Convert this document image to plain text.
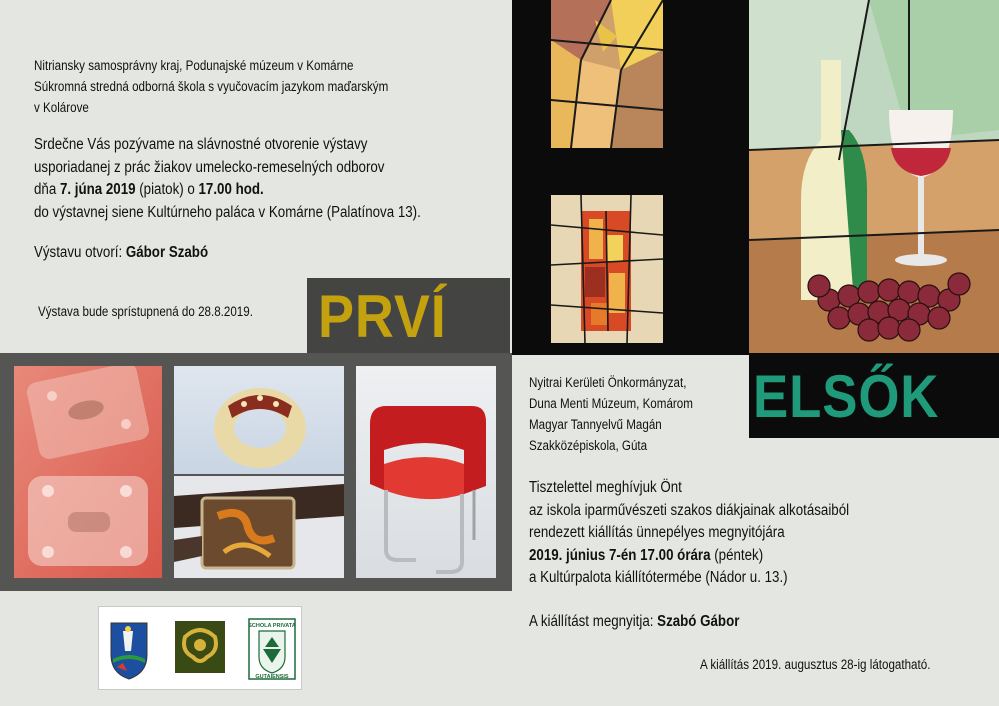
Nitriansky samosprávny kraj, Podunajské múzeum v Komárne
Súkromná stredná odborná škola s vyučovacím jazykom maďarským
v Kolárove
Srdečne Vás pozývame na slávnostné otvorenie výstavy
usporiadanej z prác žiakov umelecko-remeselných odborov
dňa 7. júna 2019 (piatok) o 17.00 hod.
do výstavnej siene Kultúrneho paláca v Komárne (Palatínova 13).
Výstavu otvorí: Gábor Szabó
Výstava bude sprístupnená do 28.8.2019. PRVÍ
ELSŐK
Nyitrai Kerületi Önkormányzat,
Duna Menti Múzeum, Komárom
Magyar Tannyelvű Magán
Szakközépiskola, Gúta
Tisztelettel meghívjuk Önt
az iskola iparművészeti szakos diákjainak alkotásaiból
rendezett kiállítás ünnepélyes megnyitójára
2019. június 7-én 17.00 órára (péntek)
a Kultúrpalota kiállítótermébe (Nádor u. 13.)
A kiállítást megnyitja: Szabó Gábor
A kiállítás 2019. augusztus 28-ig látogatható.
SCHOLA PRIVATA
GUTAIENSIS
